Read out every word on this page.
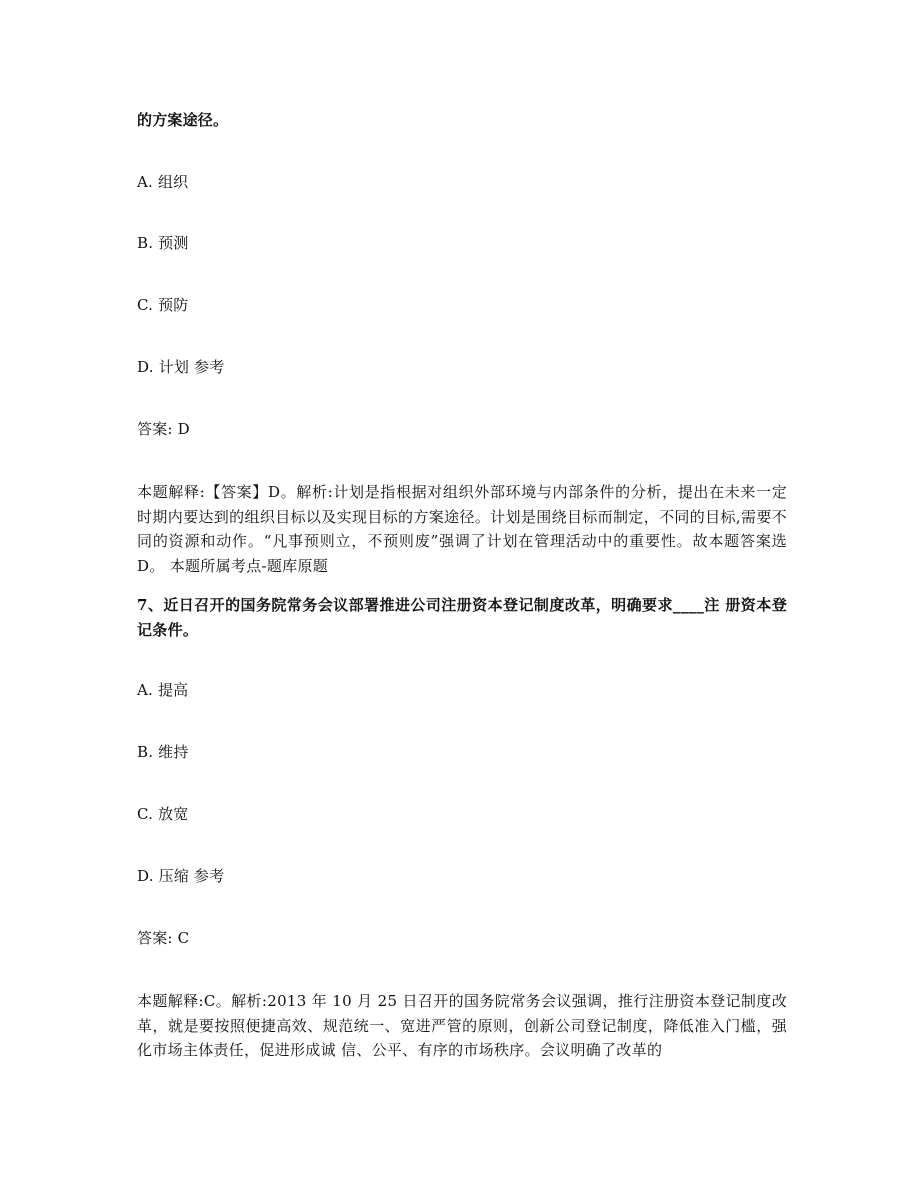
的方案途径。
A. 组织
B. 预测
C. 预防
D. 计划 参考
答案: D
本题解释:【答案】D。解析:计划是指根据对组织外部环境与内部条件的分析，提出在未来一定时期内要达到的组织目标以及实现目标的方案途径。计划是围绕目标而制定，不同的目标,需要不同的资源和动作。“凡事预则立，不预则废”强调了计划在管理活动中的重要性。故本题答案选 D。 本题所属考点-题库原题
7、近日召开的国务院常务会议部署推进公司注册资本登记制度改革，明确要求____注 册资本登记条件。
A. 提高
B. 维持
C. 放宽
D. 压缩 参考
答案: C
本题解释:C。解析:2013 年 10 月 25 日召开的国务院常务会议强调，推行注册资本登记制度改革，就是要按照便捷高效、规范统一、宽进严管的原则，创新公司登记制度，降低准入门槛，强化市场主体责任，促进形成诚 信、公平、有序的市场秩序。会议明确了改革的
